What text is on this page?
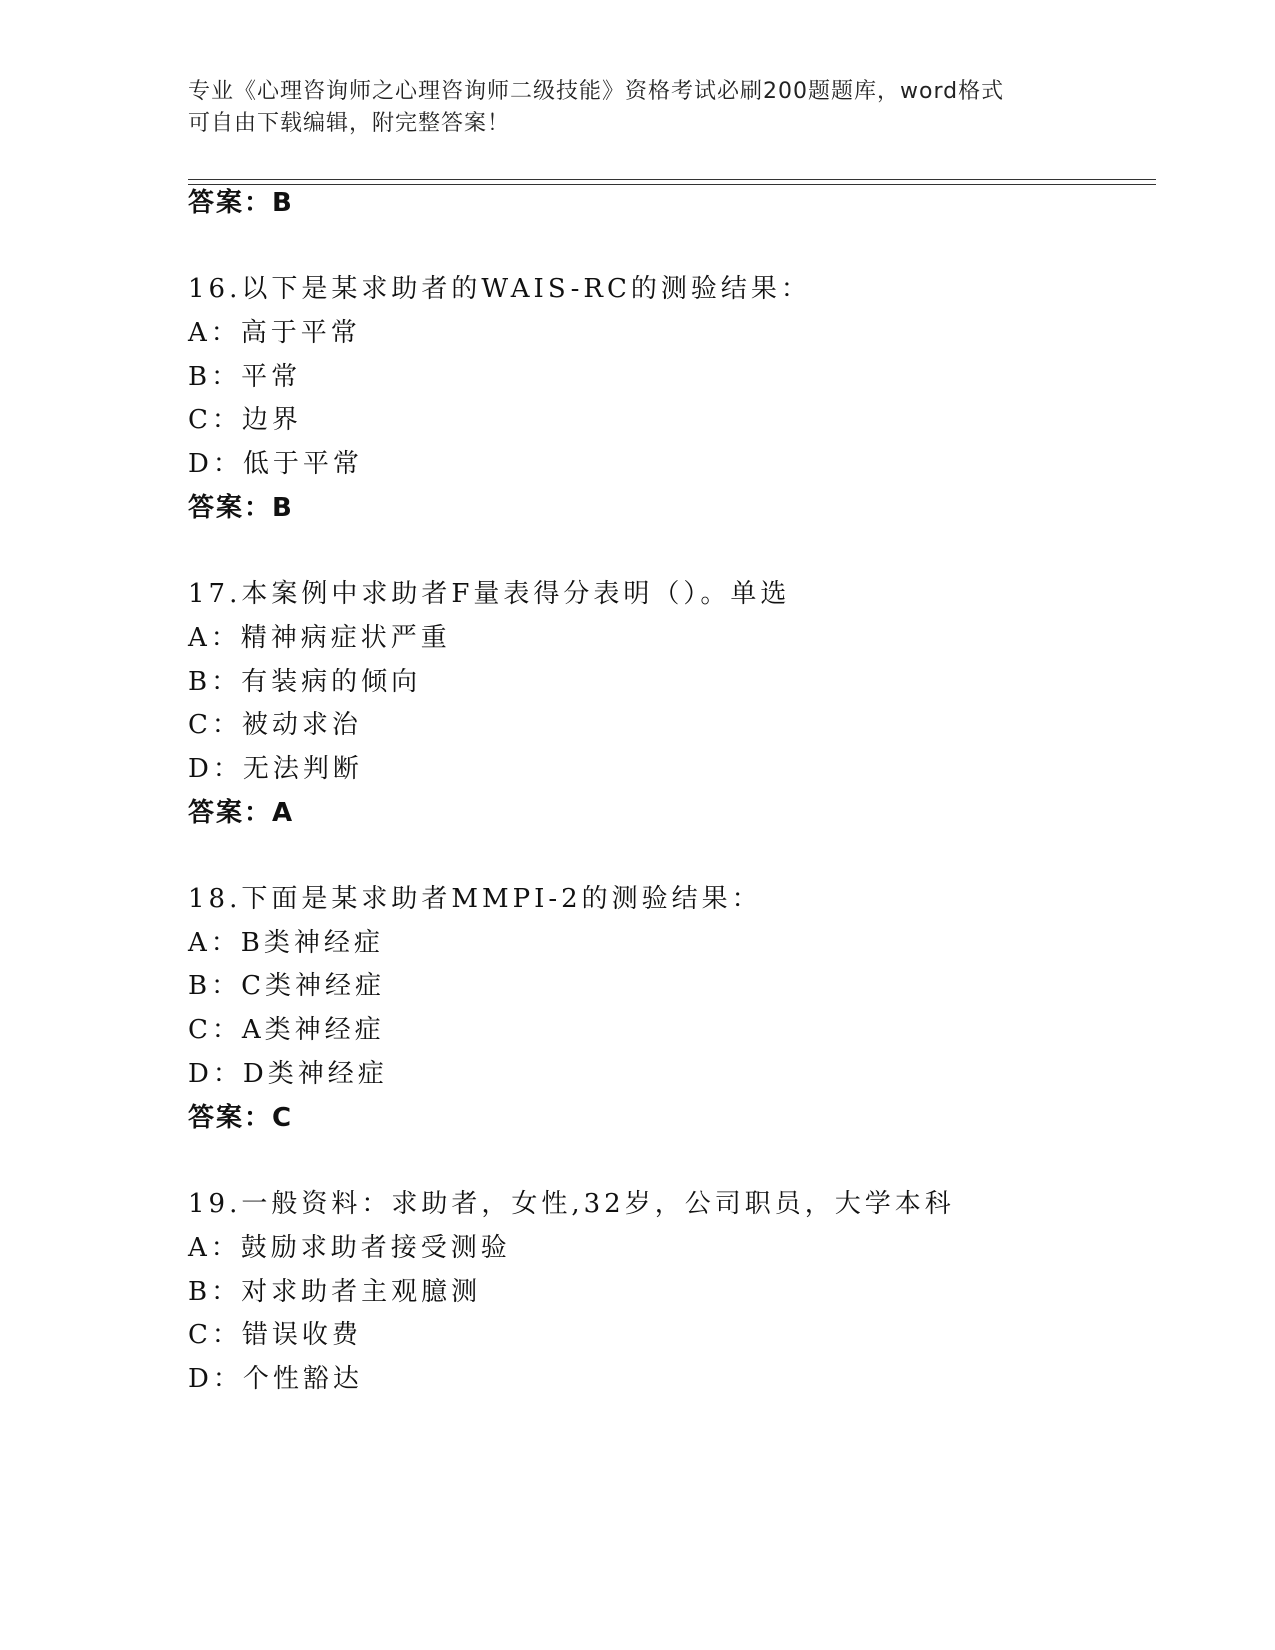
专业《心理咨询师之心理咨询师二级技能》资格考试必刷200题题库，word格式
可自由下载编辑，附完整答案！
答案：B
16.以下是某求助者的WAIS-RC的测验结果：
A：高于平常
B：平常
C：边界
D：低于平常
答案：B
17.本案例中求助者F量表得分表明（）。单选
A：精神病症状严重
B：有装病的倾向
C：被动求治
D：无法判断
答案：A
18.下面是某求助者MMPI-2的测验结果：
A：B类神经症
B：C类神经症
C：A类神经症
D：D类神经症
答案：C
19.一般资料：求助者，女性,32岁，公司职员，大学本科
A：鼓励求助者接受测验
B：对求助者主观臆测
C：错误收费
D：个性豁达
